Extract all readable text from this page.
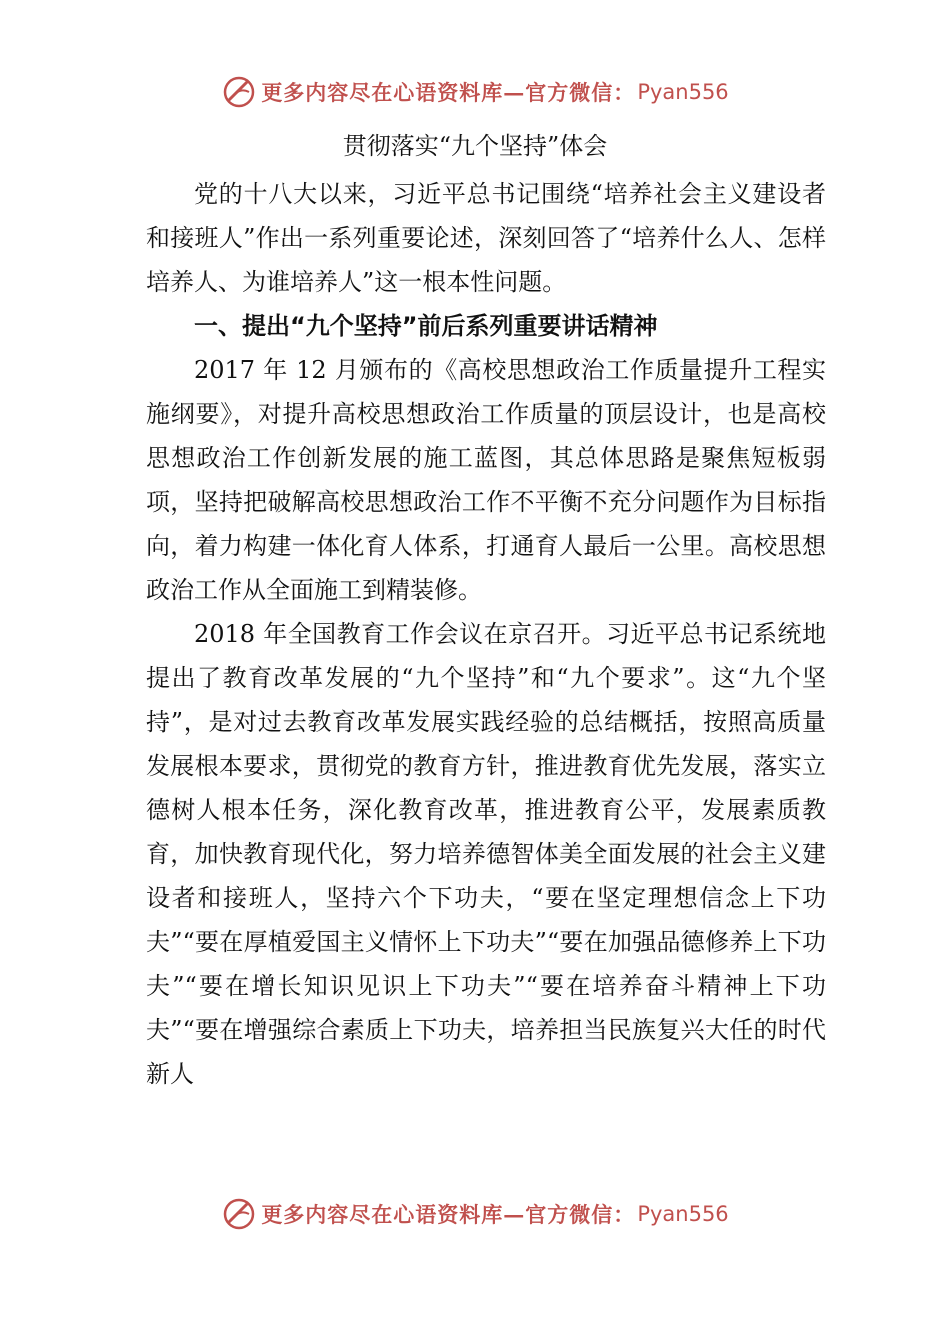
更多内容尽在心语资料库—官方微信： Pyan556
贯彻落实“九个坚持”体会

党的十八大以来，习近平总书记围绕“培养社会主义建设者和接班人”作出一系列重要论述，深刻回答了“培养什么人、怎样培养人、为谁培养人”这一根本性问题。

一、提出“九个坚持”前后系列重要讲话精神

2017 年 12 月颁布的《高校思想政治工作质量提升工程实施纲要》，对提升高校思想政治工作质量的顶层设计，也是高校思想政治工作创新发展的施工蓝图，其总体思路是聚焦短板弱项，坚持把破解高校思想政治工作不平衡不充分问题作为目标指向，着力构建一体化育人体系，打通育人最后一公里。高校思想政治工作从全面施工到精装修。

2018 年全国教育工作会议在京召开。习近平总书记系统地提出了教育改革发展的“九个坚持”和“九个要求”。这“九个坚持”，是对过去教育改革发展实践经验的总结概括，按照高质量发展根本要求，贯彻党的教育方针，推进教育优先发展，落实立德树人根本任务，深化教育改革，推进教育公平，发展素质教育，加快教育现代化，努力培养德智体美全面发展的社会主义建设者和接班人，坚持六个下功夫，“要在坚定理想信念上下功夫”“要在厚植爱国主义情怀上下功夫”“要在加强品德修养上下功夫”“要在增长知识见识上下功夫”“要在培养奋斗精神上下功夫”“要在增强综合素质上下功夫，培养担当民族复兴大任的时代新人

更多内容尽在心语资料库—官方微信： Pyan556
